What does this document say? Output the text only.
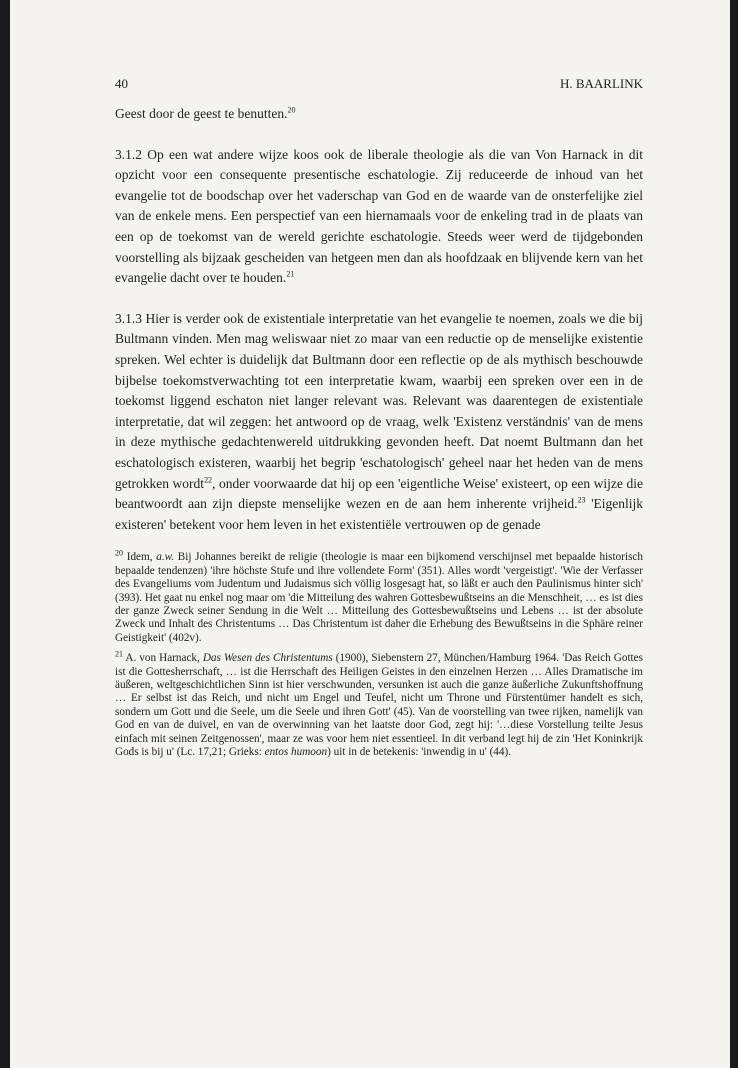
40	H. BAARLINK

Geest door de geest te benutten.$^{20}$

3.1.2 Op een wat andere wijze koos ook de liberale theologie als die van Von Harnack in dit opzicht voor een consequente presentische eschatologie. Zij reduceerde de inhoud van het evangelie tot de boodschap over het vaderschap van God en de waarde van de onsterfelijke ziel van de enkele mens. Een perspectief van een hiernamaals voor de enkeling trad in de plaats van een op de toekomst van de wereld gerichte eschatologie. Steeds weer werd de tijdgebonden voorstelling als bijzaak gescheiden van hetgeen men dan als hoofdzaak en blijvende kern van het evangelie dacht over te houden.$^{21}$

3.1.3 Hier is verder ook de existentiale interpretatie van het evangelie te noemen, zoals we die bij Bultmann vinden. Men mag weliswaar niet zo maar van een reductie op de menselijke existentie spreken. Wel echter is duidelijk dat Bultmann door een reflectie op de als mythisch beschouwde bijbelse toekomstverwachting tot een interpretatie kwam, waarbij een spreken over een in de toekomst liggend eschaton niet langer relevant was. Relevant was daarentegen de existentiale interpretatie, dat wil zeggen: het antwoord op de vraag, welk 'Existenz verständnis' van de mens in deze mythische gedachtenwereld uitdrukking gevonden heeft. Dat noemt Bultmann dan het eschatologisch existeren, waarbij het begrip 'eschatologisch' geheel naar het heden van de mens getrokken wordt$^{22}$, onder voorwaarde dat hij op een 'eigentliche Weise' existeert, op een wijze die beantwoordt aan zijn diepste menselijke wezen en de aan hem inherente vrijheid.$^{23}$ 'Eigenlijk existeren' betekent voor hem leven in het existentiële vertrouwen op de genade

$^{20}$ Idem, a.w. Bij Johannes bereikt de religie (theologie is maar een bijkomend verschijnsel met bepaalde historisch bepaalde tendenzen) 'ihre höchste Stufe und ihre vollendete Form' (351). Alles wordt 'vergeistigt'. 'Wie der Verfasser des Evangeliums vom Judentum und Judaismus sich völlig losgesagt hat, so läßt er auch den Paulinismus hinter sich' (393). Het gaat nu enkel nog maar om 'die Mitteilung des wahren Gottesbewußtseins an die Menschheit, … es ist dies der ganze Zweck seiner Sendung in die Welt … Mitteilung des Gottesbewußtseins und Lebens … ist der absolute Zweck und Inhalt des Christentums … Das Christentum ist daher die Erhebung des Bewußtseins in die Sphäre reiner Geistigkeit' (402v).

$^{21}$ A. von Harnack, Das Wesen des Christentums (1900), Siebenstern 27, München/Hamburg 1964. 'Das Reich Gottes ist die Gottesherrschaft, … ist die Herrschaft des Heiligen Geistes in den einzelnen Herzen … Alles Dramatische im äußeren, weltgeschichtlichen Sinn ist hier verschwunden, versunken ist auch die ganze äußerliche Zukunftshoffnung … Er selbst ist das Reich, und nicht um Engel und Teufel, nicht um Throne und Fürstentümer handelt es sich, sondern um Gott und die Seele, um die Seele und ihren Gott' (45). Van de voorstelling van twee rijken, namelijk van God en van de duivel, en van de overwinning van het laatste door God, zegt hij: '…diese Vorstellung teilte Jesus einfach mit seinen Zeitgenossen', maar ze was voor hem niet essentieel. In dit verband legt hij de zin 'Het Koninkrijk Gods is bij u' (Lc. 17,21; Grieks: entos humoon) uit in de betekenis: 'inwendig in u' (44).
